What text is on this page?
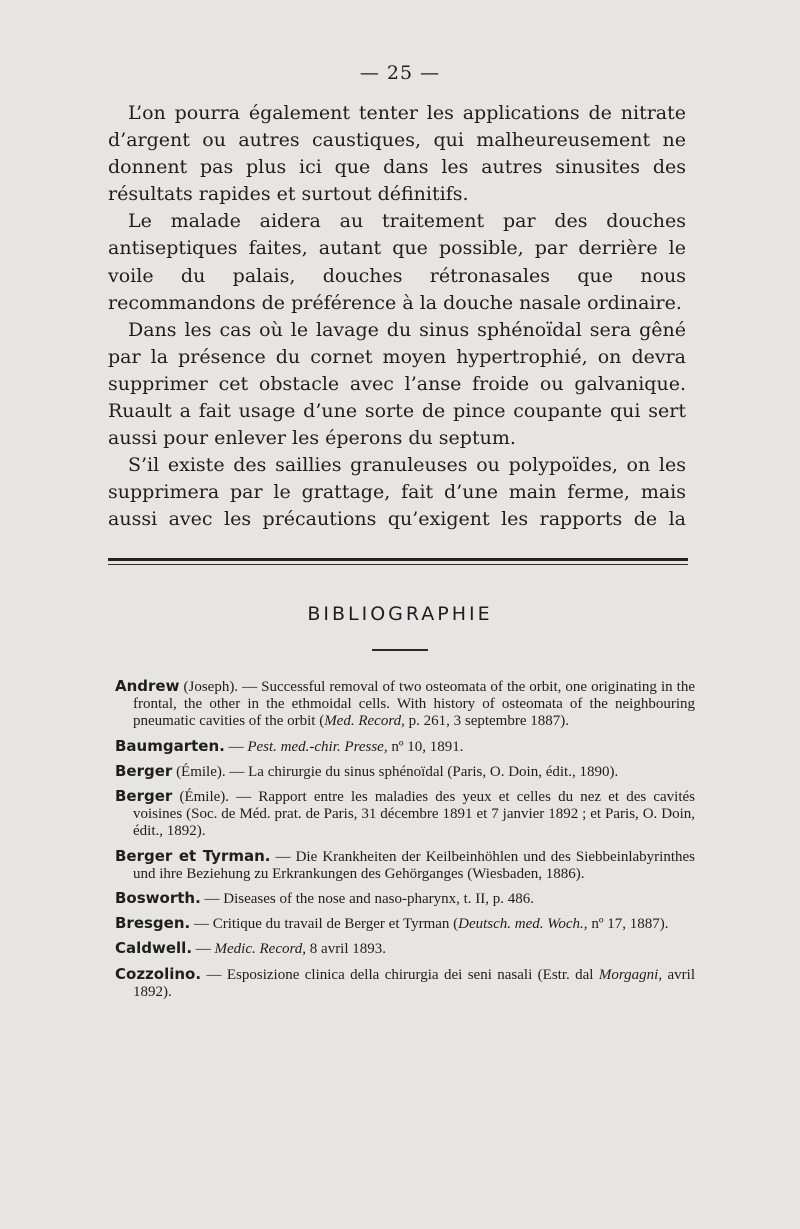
— 25 —

L’on pourra également tenter les applications de nitrate d’argent ou autres caustiques, qui malheureusement ne donnent pas plus ici que dans les autres sinusites des résultats rapides et surtout définitifs.

Le malade aidera au traitement par des douches antiseptiques faites, autant que possible, par derrière le voile du palais, douches rétronasales que nous recommandons de préférence à la douche nasale ordinaire.

Dans les cas où le lavage du sinus sphénoïdal sera gêné par la présence du cornet moyen hypertrophié, on devra supprimer cet obstacle avec l’anse froide ou galvanique. Ruault a fait usage d’une sorte de pince coupante qui sert aussi pour enlever les éperons du septum.

S’il existe des saillies granuleuses ou polypoïdes, on les supprimera par le grattage, fait d’une main ferme, mais aussi avec les précautions qu’exigent les rapports de la

BIBLIOGRAPHIE

Andrew (Joseph). — Successful removal of two osteomata of the orbit, one originating in the frontal, the other in the ethmoidal cells. With history of osteomata of the neighbouring pneumatic cavities of the orbit (Med. Record, p. 261, 3 septembre 1887).

Baumgarten. — Pest. med.-chir. Presse, nº 10, 1891.

Berger (Émile). — La chirurgie du sinus sphénoïdal (Paris, O. Doin, édit., 1890).

Berger (Émile). — Rapport entre les maladies des yeux et celles du nez et des cavités voisines (Soc. de Méd. prat. de Paris, 31 décembre 1891 et 7 janvier 1892 ; et Paris, O. Doin, édit., 1892).

Berger et Tyrman. — Die Krankheiten der Keilbeinhöhlen und des Siebbeinlabyrinthes und ihre Beziehung zu Erkrankungen des Gehörganges (Wiesbaden, 1886).

Bosworth. — Diseases of the nose and naso-pharynx, t. II, p. 486.

Bresgen. — Critique du travail de Berger et Tyrman (Deutsch. med. Woch., nº 17, 1887).

Caldwell. — Medic. Record, 8 avril 1893.

Cozzolino. — Esposizione clinica della chirurgia dei seni nasali (Estr. dal Morgagni, avril 1892).
